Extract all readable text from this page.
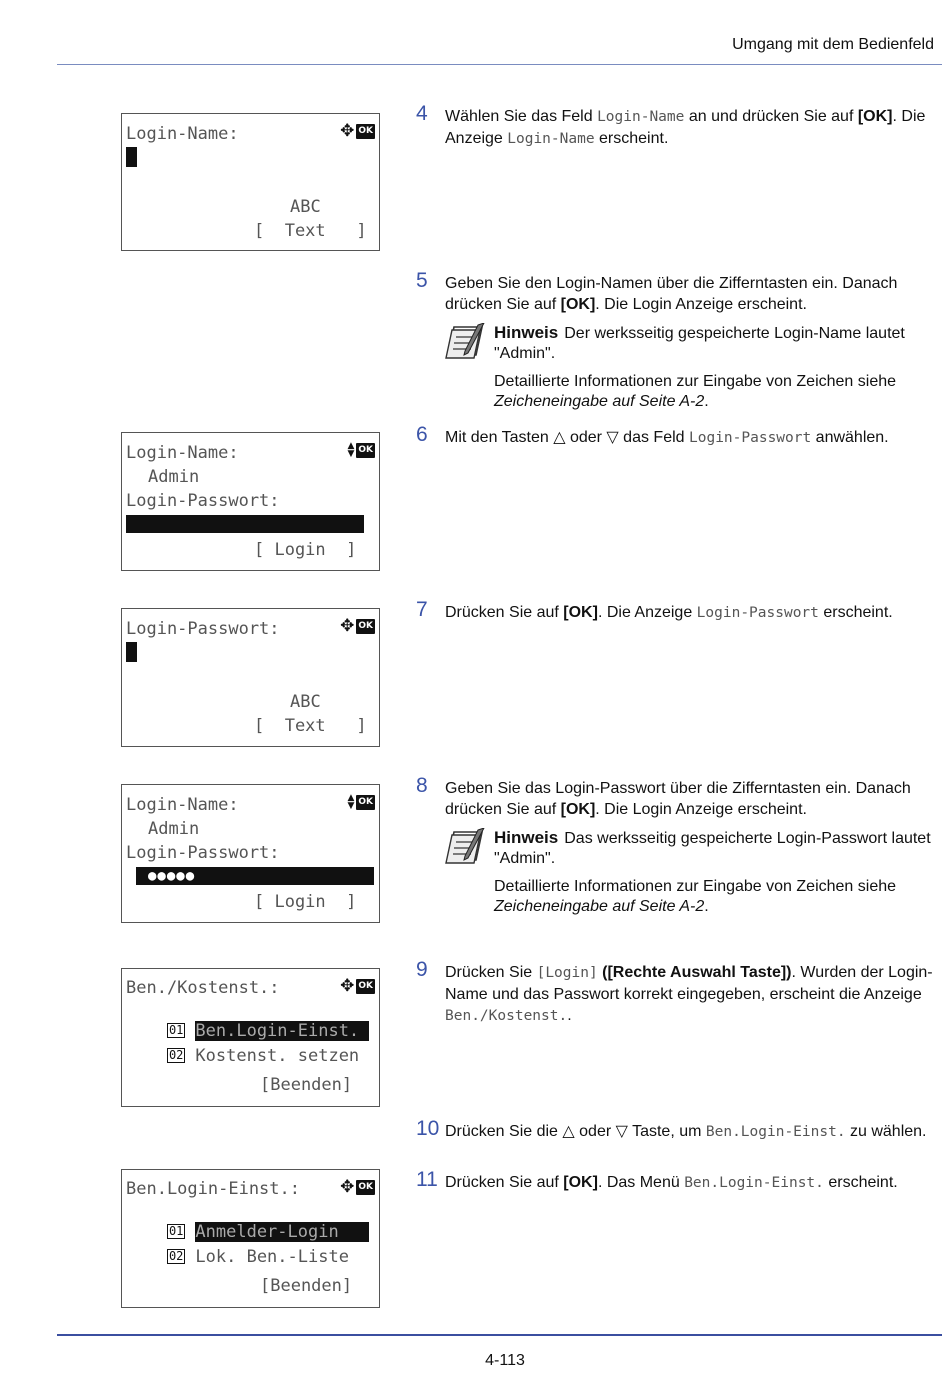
Umgang mit dem Bedienfeld
Login-Name:	✥ OK
ABC
[  Text   ]
Login-Name:	▲
▼ OK
Admin
Login-Passwort:
[ Login  ]
Login-Passwort:	✥ OK
ABC
[  Text   ]
Login-Name:	▲
▼ OK
Admin
Login-Passwort:
●●●●●
[ Login  ]
Ben./Kostenst.:	✥ OK

01 Ben.Login-Einst.

02 Kostenst. setzen

[Beenden]
Ben.Login-Einst.: ✥ OK

01 Anmelder-Login

02 Lok. Ben.-Liste

[Beenden]
4 Wählen Sie das Feld Login-Name an und drücken Sie auf [OK]. Die Anzeige Login-Name erscheint.
5 Geben Sie den Login-Namen über die Zifferntasten ein. Danach drücken Sie auf [OK]. Die Login Anzeige erscheint.

Hinweis Der werksseitig gespeicherte Login-Name lautet "Admin".

Detaillierte Informationen zur Eingabe von Zeichen siehe Zeicheneingabe auf Seite A-2.

6 Mit den Tasten △ oder ▽ das Feld Login-Passwort anwählen.
7 Drücken Sie auf [OK]. Die Anzeige Login-Passwort erscheint.
8 Geben Sie das Login-Passwort über die Zifferntasten ein. Danach drücken Sie auf [OK]. Die Login Anzeige erscheint.

Hinweis Das werksseitig gespeicherte Login-Passwort lautet "Admin".

Detaillierte Informationen zur Eingabe von Zeichen siehe Zeicheneingabe auf Seite A-2.

9 Drücken Sie [Login] ([Rechte Auswahl Taste]). Wurden der Login-Name und das Passwort korrekt eingegeben, erscheint die Anzeige Ben./Kostenst..
10 Drücken Sie die △ oder ▽ Taste, um Ben.Login-Einst. zu wählen.
11 Drücken Sie auf [OK]. Das Menü Ben.Login-Einst. erscheint.
4-113
